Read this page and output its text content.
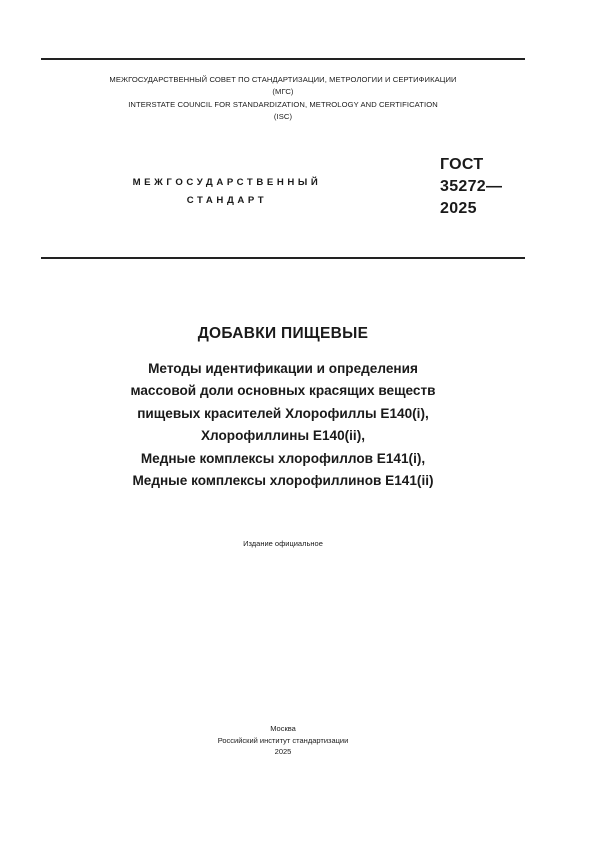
МЕЖГОСУДАРСТВЕННЫЙ СОВЕТ ПО СТАНДАРТИЗАЦИИ, МЕТРОЛОГИИ И СЕРТИФИКАЦИИ
(МГС)
INTERSTATE COUNCIL FOR STANDARDIZATION, METROLOGY AND CERTIFICATION
(ISC)
МЕЖГОСУДАРСТВЕННЫЙ
СТАНДАРТ
ГОСТ
35272—
2025
ДОБАВКИ ПИЩЕВЫЕ
Методы идентификации и определения
массовой доли основных красящих веществ
пищевых красителей Хлорофиллы Е140(i),
Хлорофиллины Е140(ii),
Медные комплексы хлорофиллов Е141(i),
Медные комплексы хлорофиллинов Е141(ii)
Издание официальное
Москва
Российский институт стандартизации
2025
